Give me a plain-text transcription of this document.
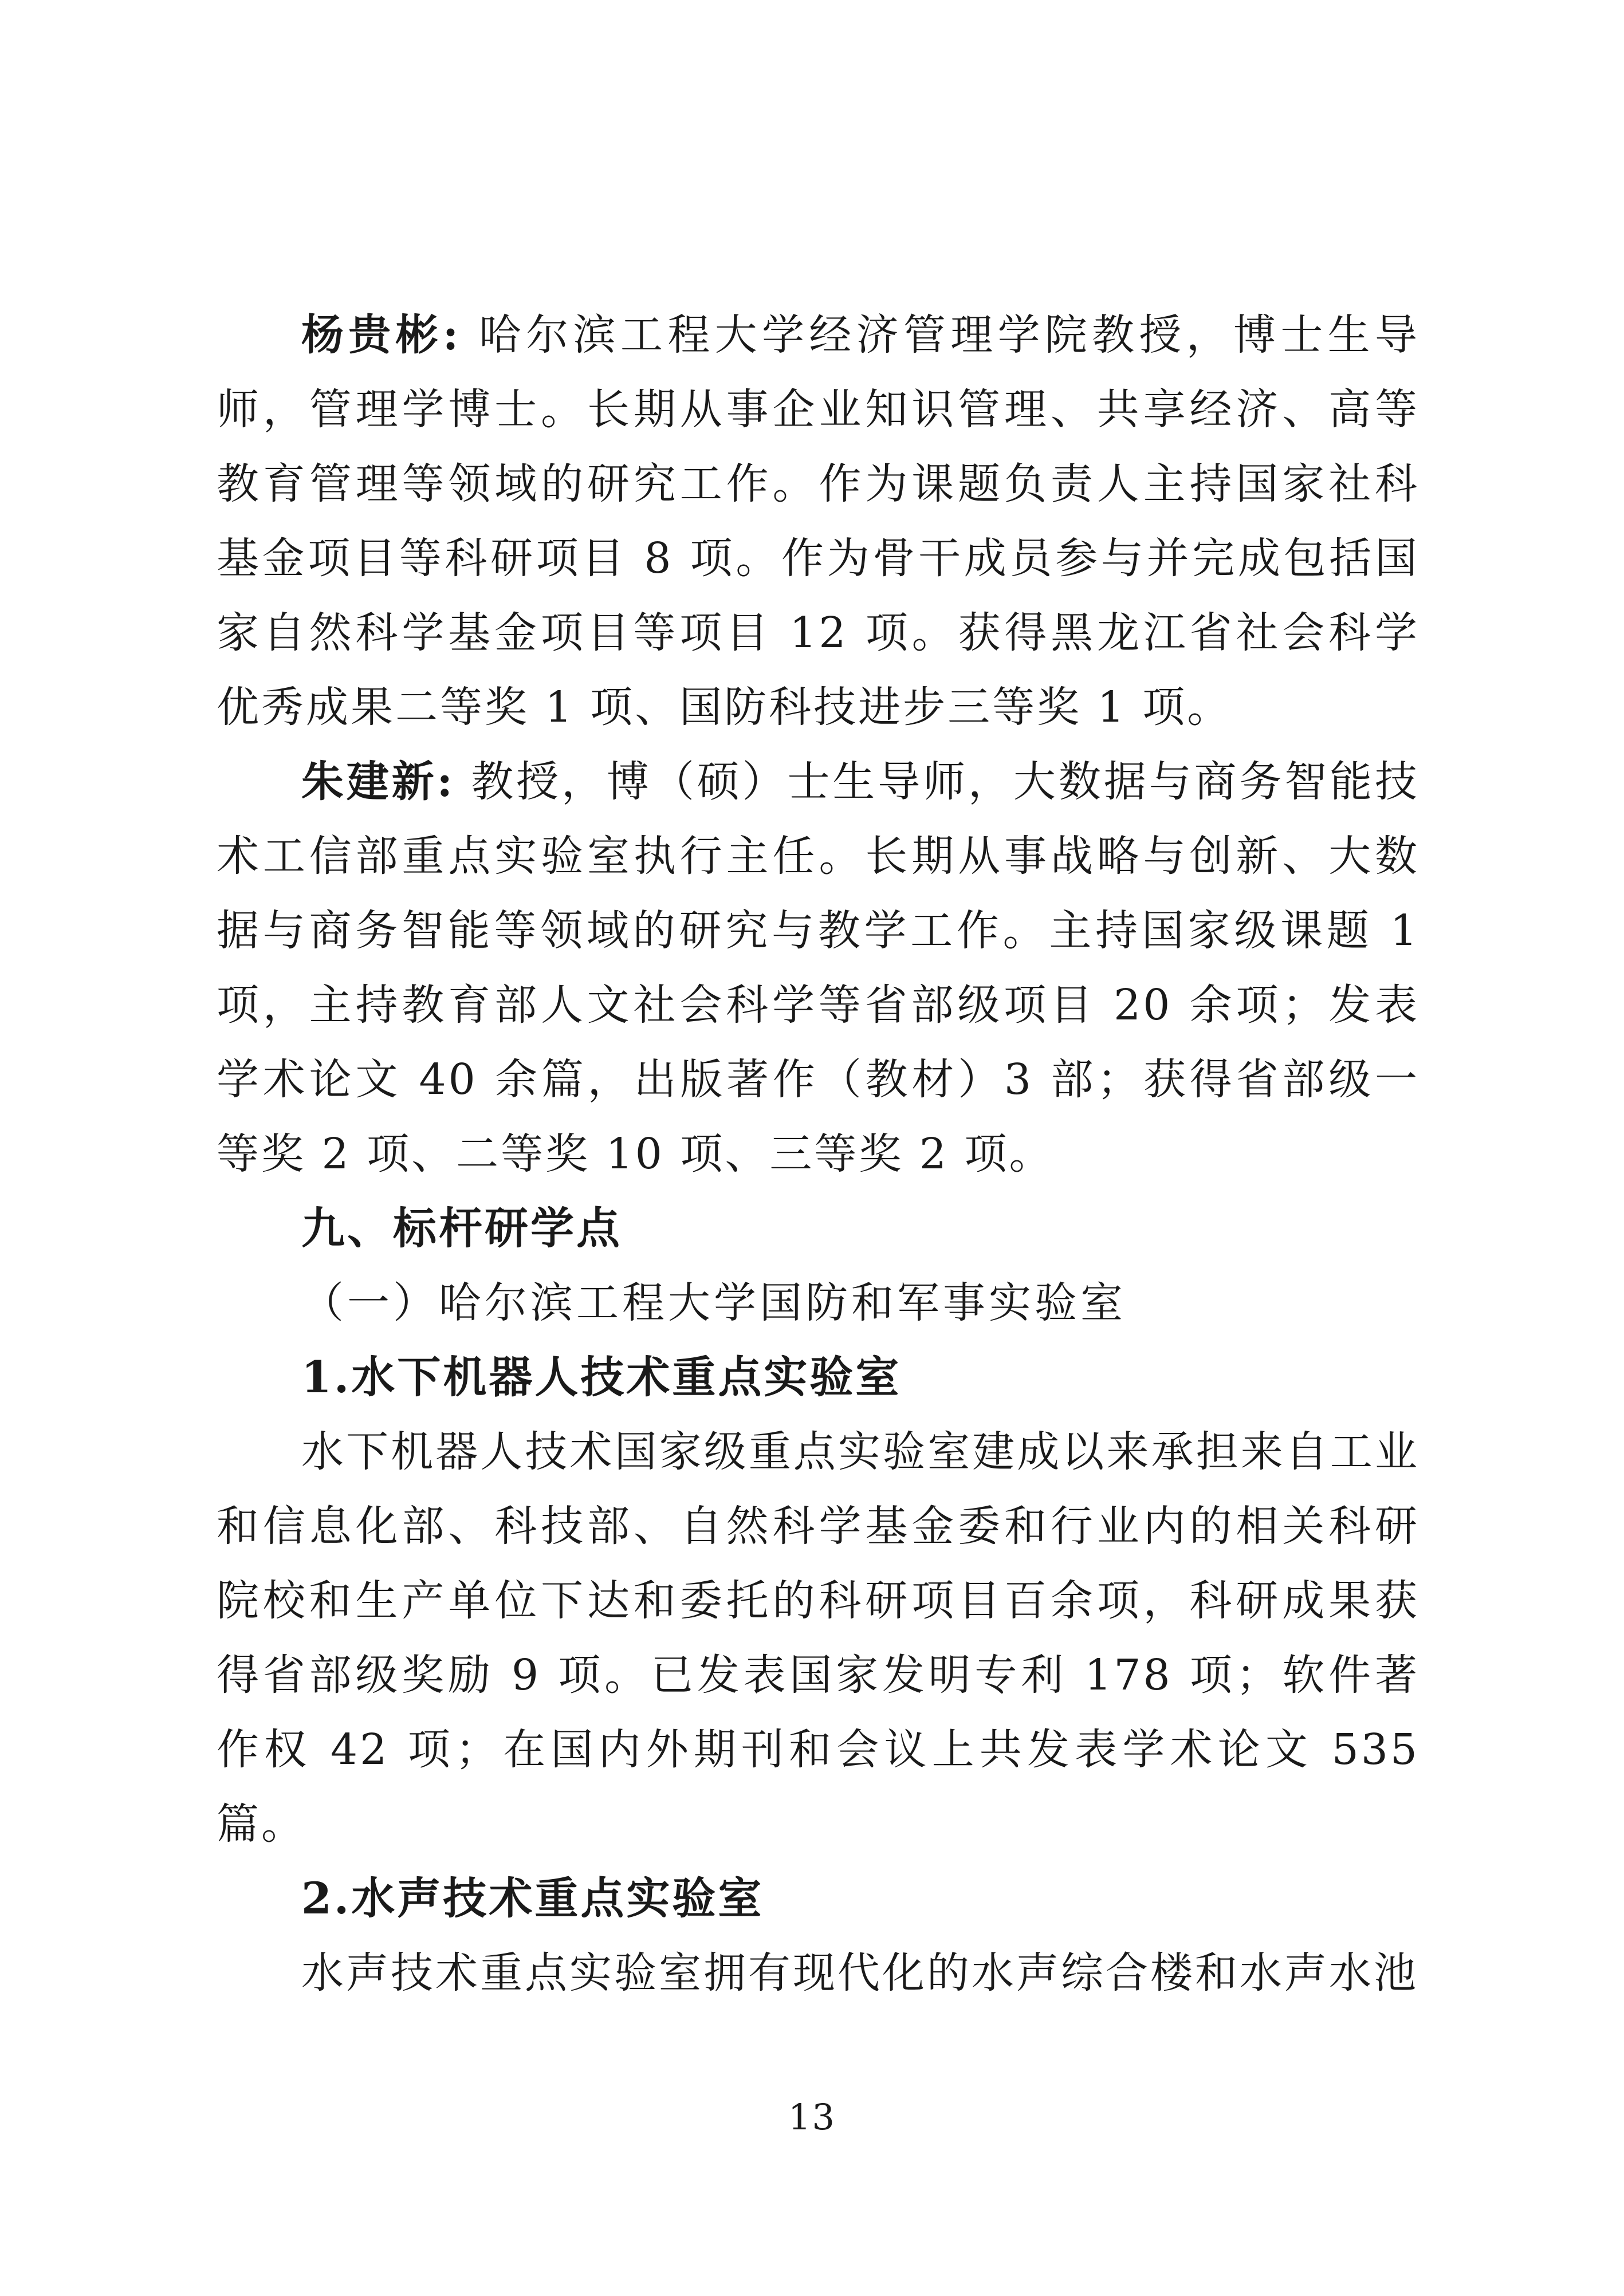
杨贵彬: 哈尔滨工程大学经济管理学院教授，博士生导师，管理学博士。长期从事企业知识管理、共享经济、高等教育管理等领域的研究工作。作为课题负责人主持国家社科基金项目等科研项目 8 项。作为骨干成员参与并完成包括国家自然科学基金项目等项目 12 项。获得黑龙江省社会科学优秀成果二等奖 1 项、国防科技进步三等奖 1 项。

朱建新: 教授，博（硕）士生导师，大数据与商务智能技术工信部重点实验室执行主任。长期从事战略与创新、大数据与商务智能等领域的研究与教学工作。主持国家级课题 1 项，主持教育部人文社会科学等省部级项目 20 余项；发表学术论文 40 余篇，出版著作（教材）3 部；获得省部级一等奖 2 项、二等奖 10 项、三等奖 2 项。

九、标杆研学点

（一）哈尔滨工程大学国防和军事实验室

1.水下机器人技术重点实验室

水下机器人技术国家级重点实验室建成以来承担来自工业和信息化部、科技部、自然科学基金委和行业内的相关科研院校和生产单位下达和委托的科研项目百余项，科研成果获得省部级奖励 9 项。已发表国家发明专利 178 项；软件著作权 42 项；在国内外期刊和会议上共发表学术论文 535 篇。

2.水声技术重点实验室

水声技术重点实验室拥有现代化的水声综合楼和水声水池

13
